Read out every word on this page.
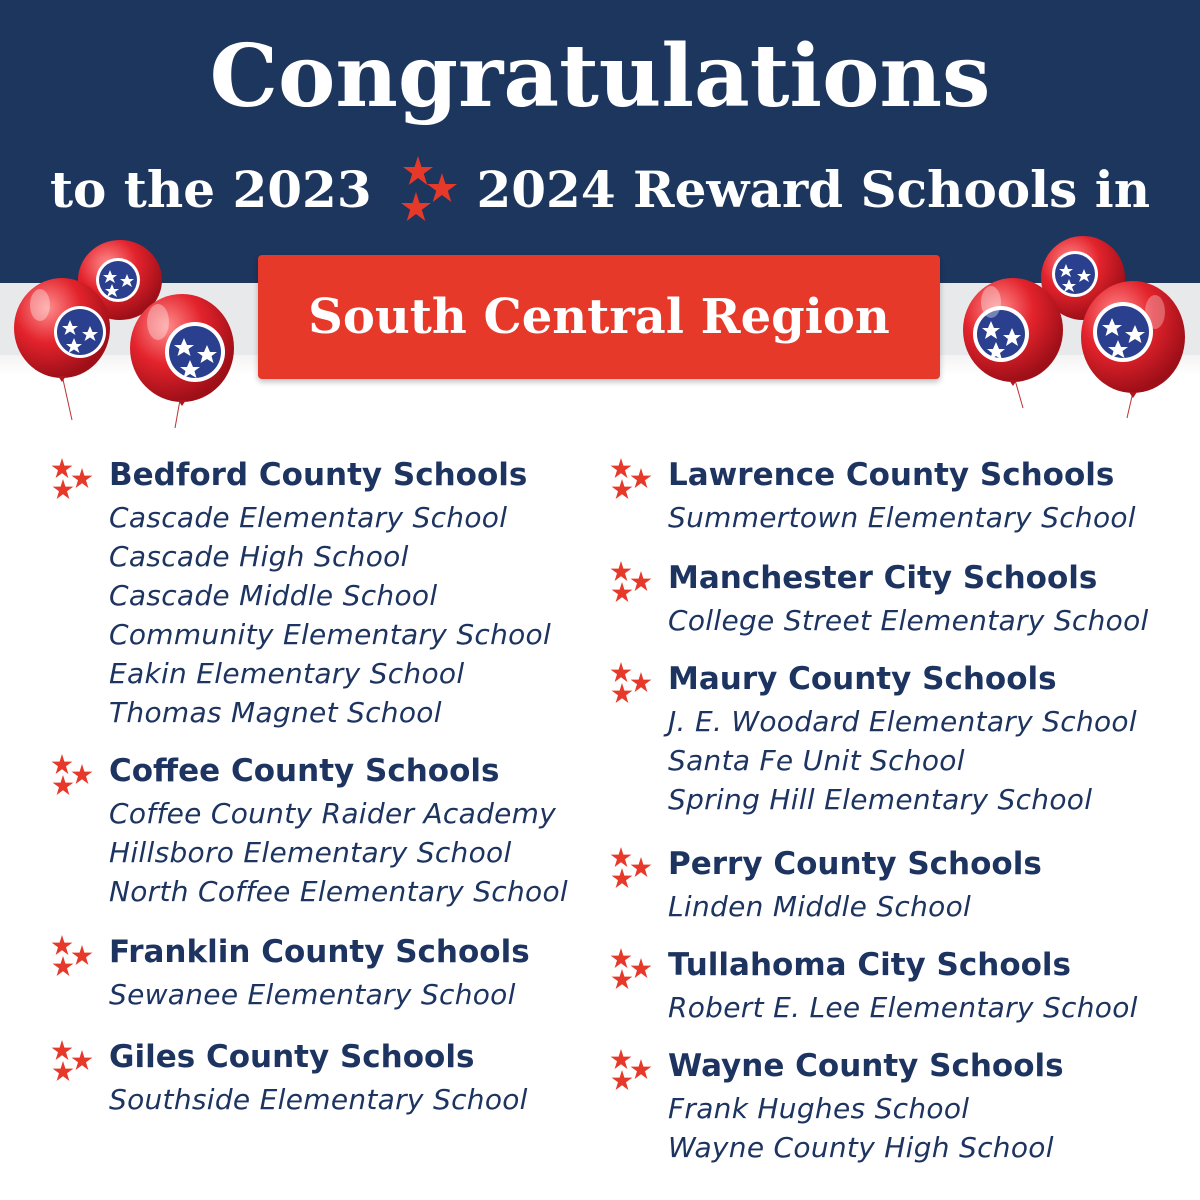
Congratulations
to the 2023 2024 Reward Schools in
South Central Region
Bedford County Schools
Cascade Elementary School
Cascade High School
Cascade Middle School
Community Elementary School
Eakin Elementary School
Thomas Magnet School
Coffee County Schools
Coffee County Raider Academy
Hillsboro Elementary School
North Coffee Elementary School
Franklin County Schools
Sewanee Elementary School
Giles County Schools
Southside Elementary School
Lawrence County Schools
Summertown Elementary School
Manchester City Schools
College Street Elementary School
Maury County Schools
J. E. Woodard Elementary School
Santa Fe Unit School
Spring Hill Elementary School
Perry County Schools
Linden Middle School
Tullahoma City Schools
Robert E. Lee Elementary School
Wayne County Schools
Frank Hughes School
Wayne County High School
